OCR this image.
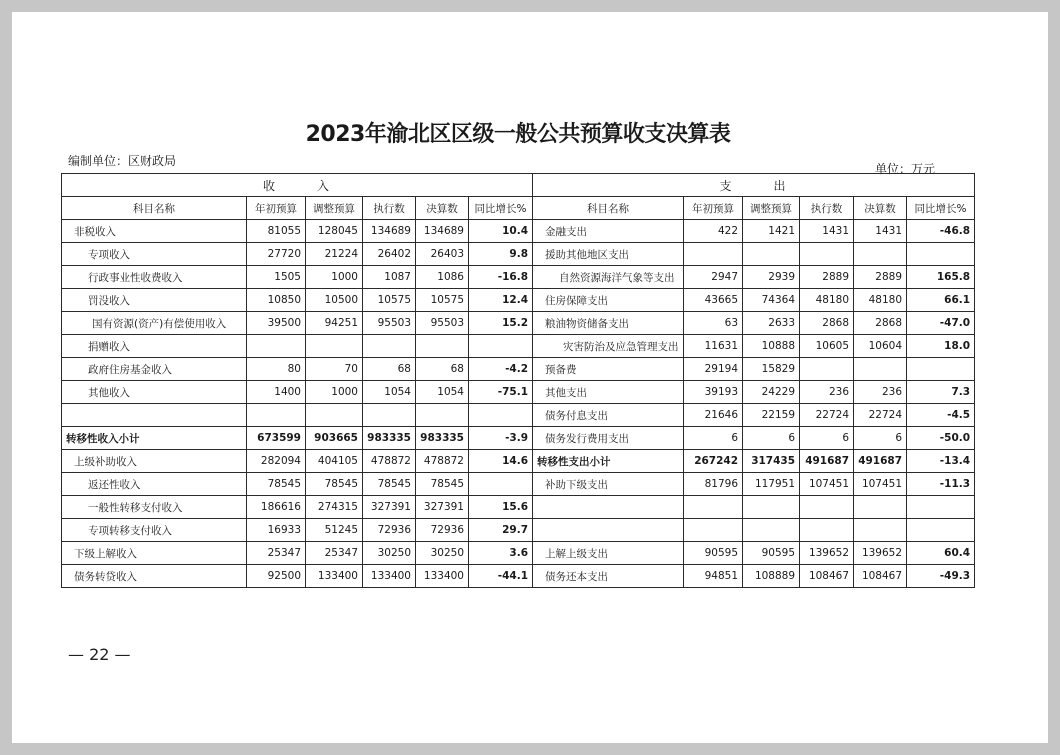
2023年渝北区区级一般公共预算收支决算表
编制单位：区财政局
单位：万元
收 入						支 出					
科目名称	年初预算	调整预算	执行数	决算数	同比增长%	科目名称	年初预算	调整预算	执行数	决算数	同比增长%
非税收入	81055	128045	134689	134689	10.4	金融支出	422	1421	1431	1431	-46.8
专项收入	27720	21224	26402	26403	9.8	援助其他地区支出					
行政事业性收费收入	1505	1000	1087	1086	-16.8	自然资源海洋气象等支出	2947	2939	2889	2889	165.8
罚没收入	10850	10500	10575	10575	12.4	住房保障支出	43665	74364	48180	48180	66.1
国有资源(资产)有偿使用收入	39500	94251	95503	95503	15.2	粮油物资储备支出	63	2633	2868	2868	-47.0
捐赠收入						灾害防治及应急管理支出	11631	10888	10605	10604	18.0
政府住房基金收入	80	70	68	68	-4.2	预备费	29194	15829			
其他收入	1400	1000	1054	1054	-75.1	其他支出	39193	24229	236	236	7.3
						债务付息支出	21646	22159	22724	22724	-4.5
转移性收入小计	673599	903665	983335	983335	-3.9	债务发行费用支出	6	6	6	6	-50.0
上级补助收入	282094	404105	478872	478872	14.6	转移性支出小计	267242	317435	491687	491687	-13.4
返还性收入	78545	78545	78545	78545		补助下级支出	81796	117951	107451	107451	-11.3
一般性转移支付收入	186616	274315	327391	327391	15.6						
专项转移支付收入	16933	51245	72936	72936	29.7						
下级上解收入	25347	25347	30250	30250	3.6	上解上级支出	90595	90595	139652	139652	60.4
债务转贷收入	92500	133400	133400	133400	-44.1	债务还本支出	94851	108889	108467	108467	-49.3
— 22 —
